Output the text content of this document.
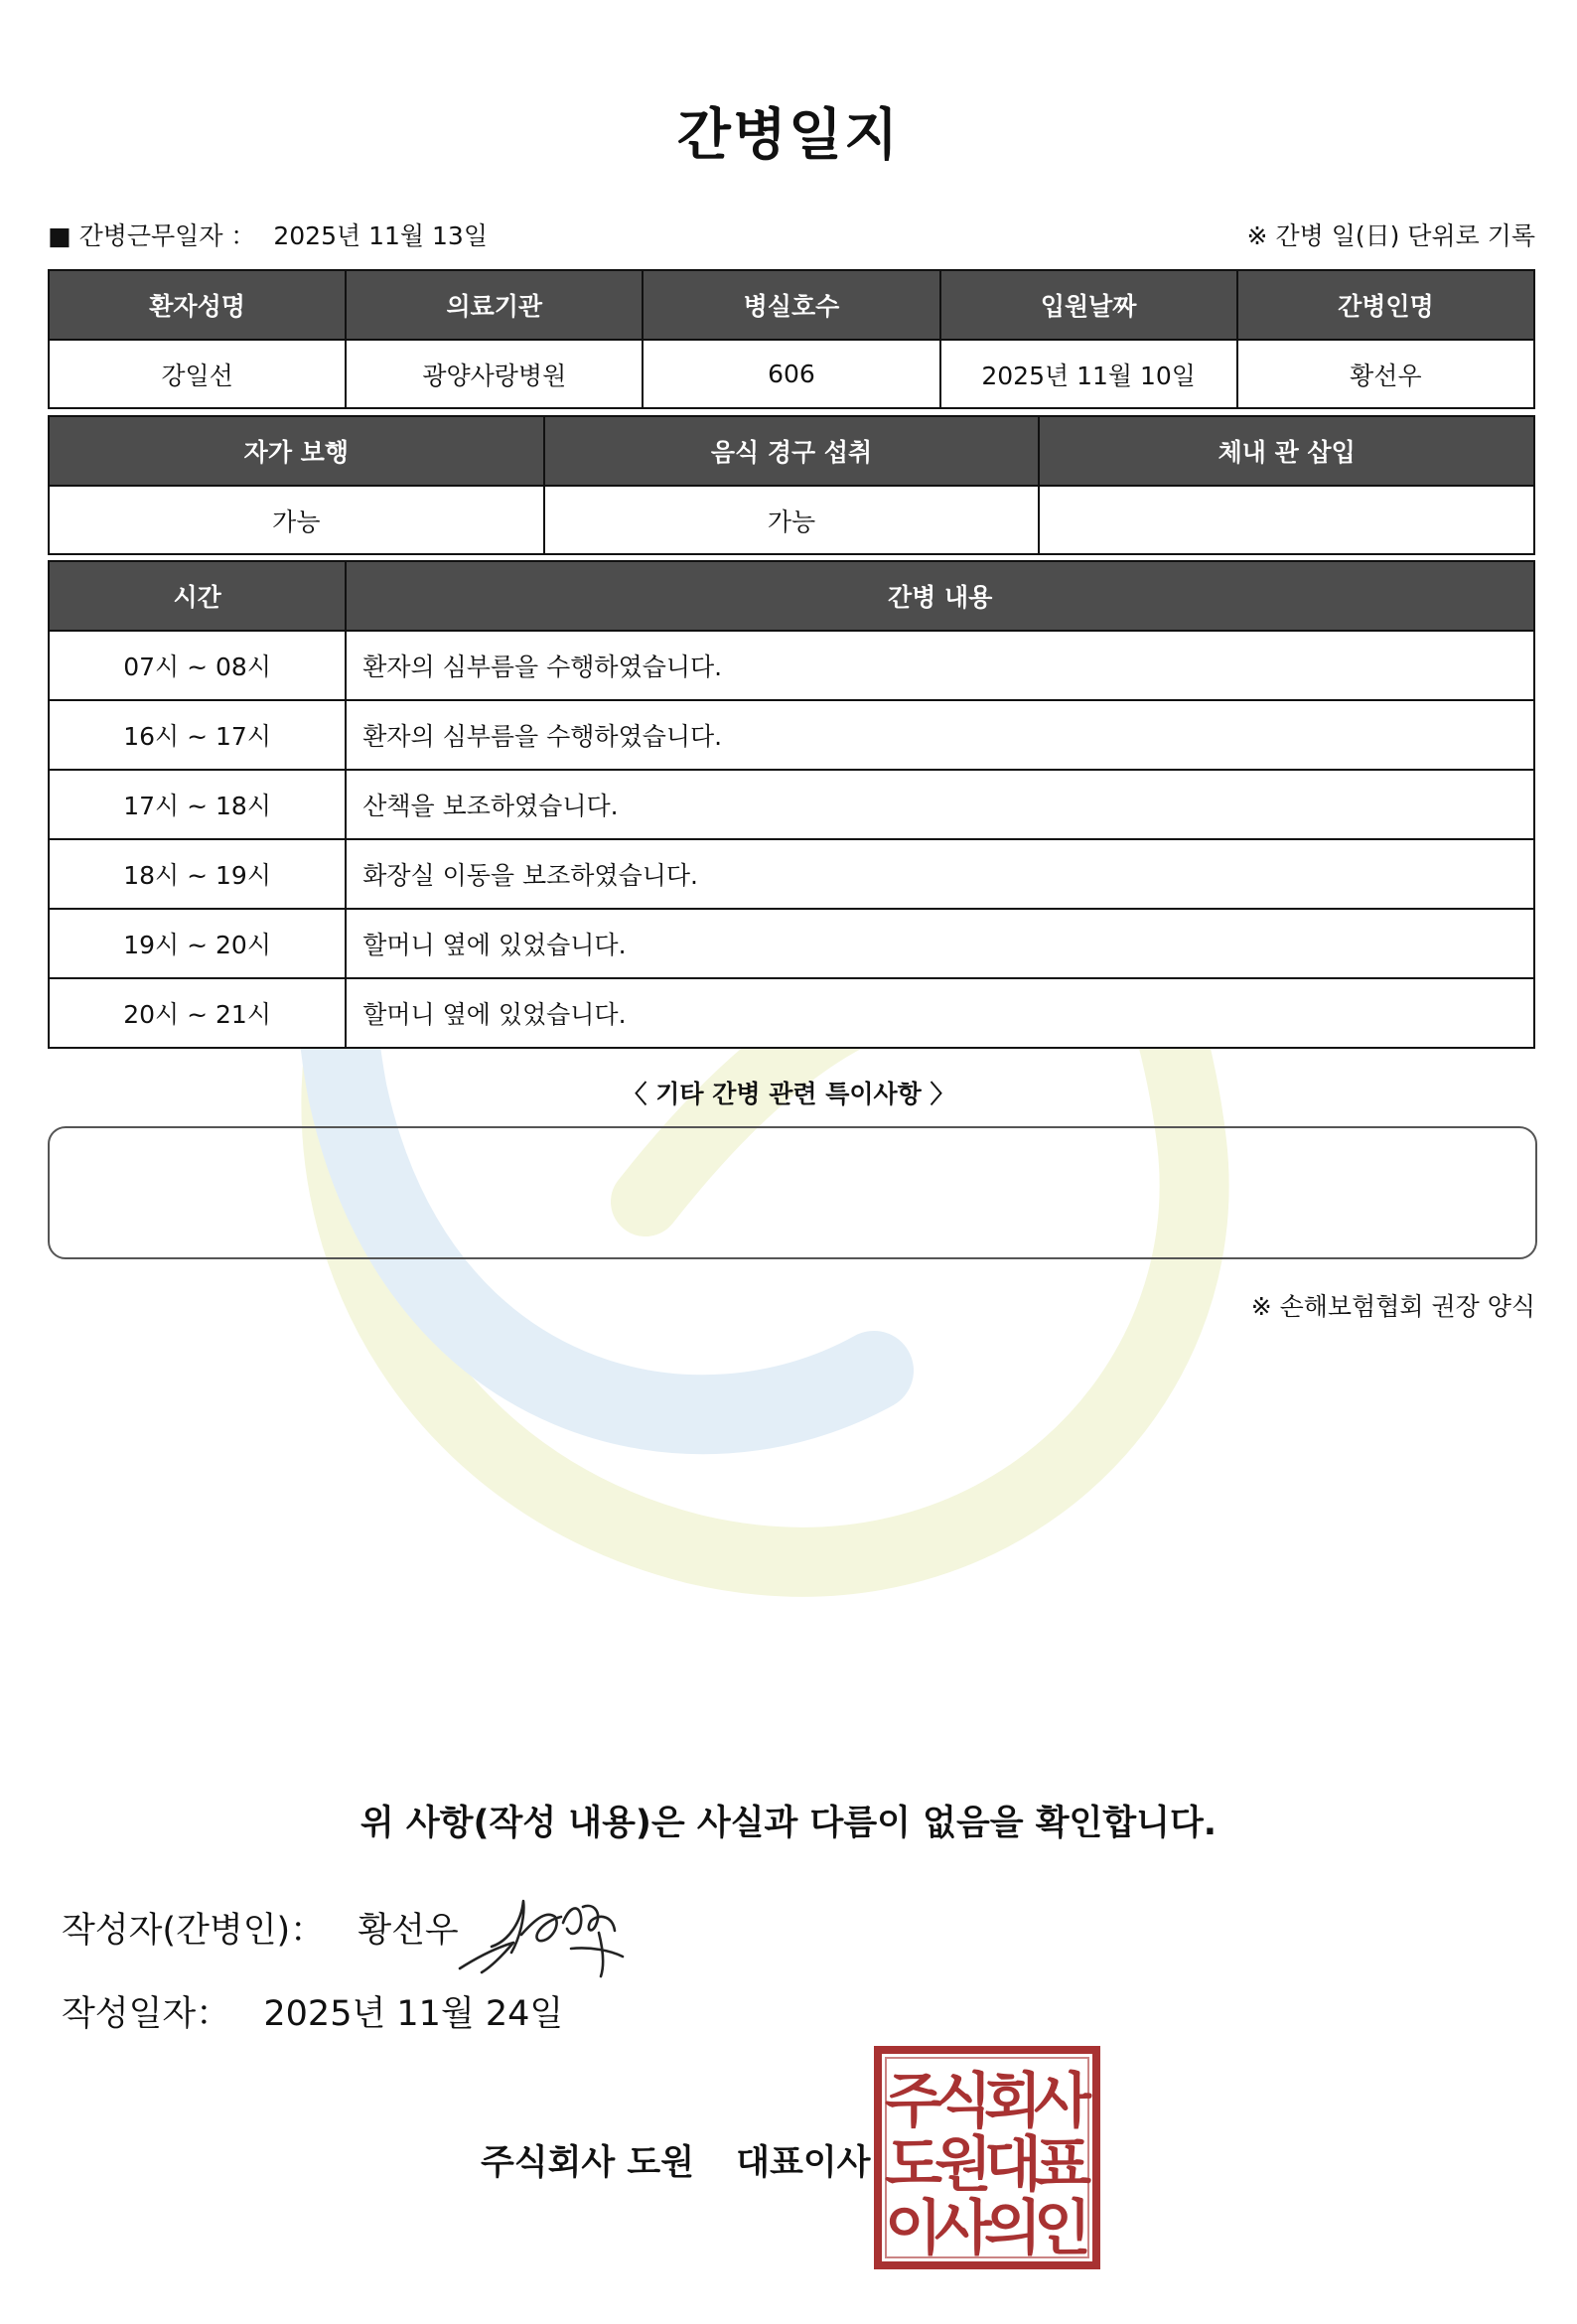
간병일지
■ 간병근무일자 ： 2025년 11월 13일	※ 간병 일(日) 단위로 기록
환자성명	의료기관	병실호수	입원날짜	간병인명
강일선	광양사랑병원	606	2025년 11월 10일	황선우
자가 보행	음식 경구 섭취	체내 관 삽입
가능	가능	
시간	간병 내용
07시 ~ 08시	환자의 심부름을 수행하였습니다.
16시 ~ 17시	환자의 심부름을 수행하였습니다.
17시 ~ 18시	산책을 보조하였습니다.
18시 ~ 19시	화장실 이동을 보조하였습니다.
19시 ~ 20시	할머니 옆에 있었습니다.
20시 ~ 21시	할머니 옆에 있었습니다.
〈 기타 간병 관련 특이사항 〉
※ 손해보험협회 권장 양식
위 사항(작성 내용)은 사실과 다름이 없음을 확인합니다.
작성자(간병인)： 황선우
작성일자： 2025년 11월 24일
주식회사 도원 대표이사
주
식
회
사
도
원
대
표
이
사
의
인
